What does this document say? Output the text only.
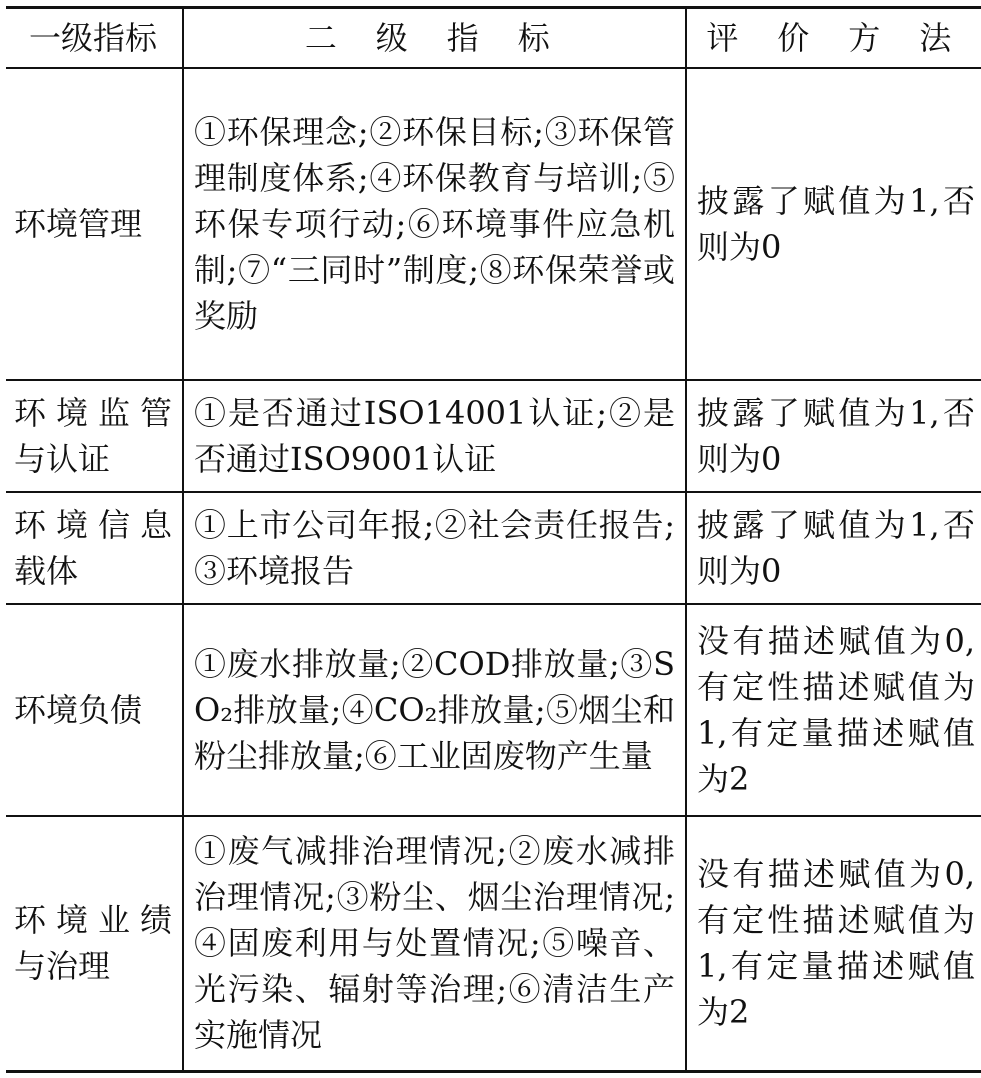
一级指标	二 级 指 标	评 价 方 法

环境管理	①环保理念;②环保目标;③环保管理制度体系;④环保教育与培训;⑤环保专项行动;⑥环境事件应急机制;⑦“三同时”制度;⑧环保荣誉或奖励	披露了赋值为1,否则为0

环境监管与认证	①是否通过ISO14001认证;②是否通过ISO9001认证	披露了赋值为1,否则为0

环境信息载体	①上市公司年报;②社会责任报告;③环境报告	披露了赋值为1,否则为0

环境负债	①废水排放量;②COD排放量;③SO₂排放量;④CO₂排放量;⑤烟尘和粉尘排放量;⑥工业固废物产生量	没有描述赋值为0,有定性描述赋值为1,有定量描述赋值为2

环境业绩与治理	①废气减排治理情况;②废水减排治理情况;③粉尘、烟尘治理情况;④固废利用与处置情况;⑤噪音、光污染、辐射等治理;⑥清洁生产实施情况	没有描述赋值为0,有定性描述赋值为1,有定量描述赋值为2
